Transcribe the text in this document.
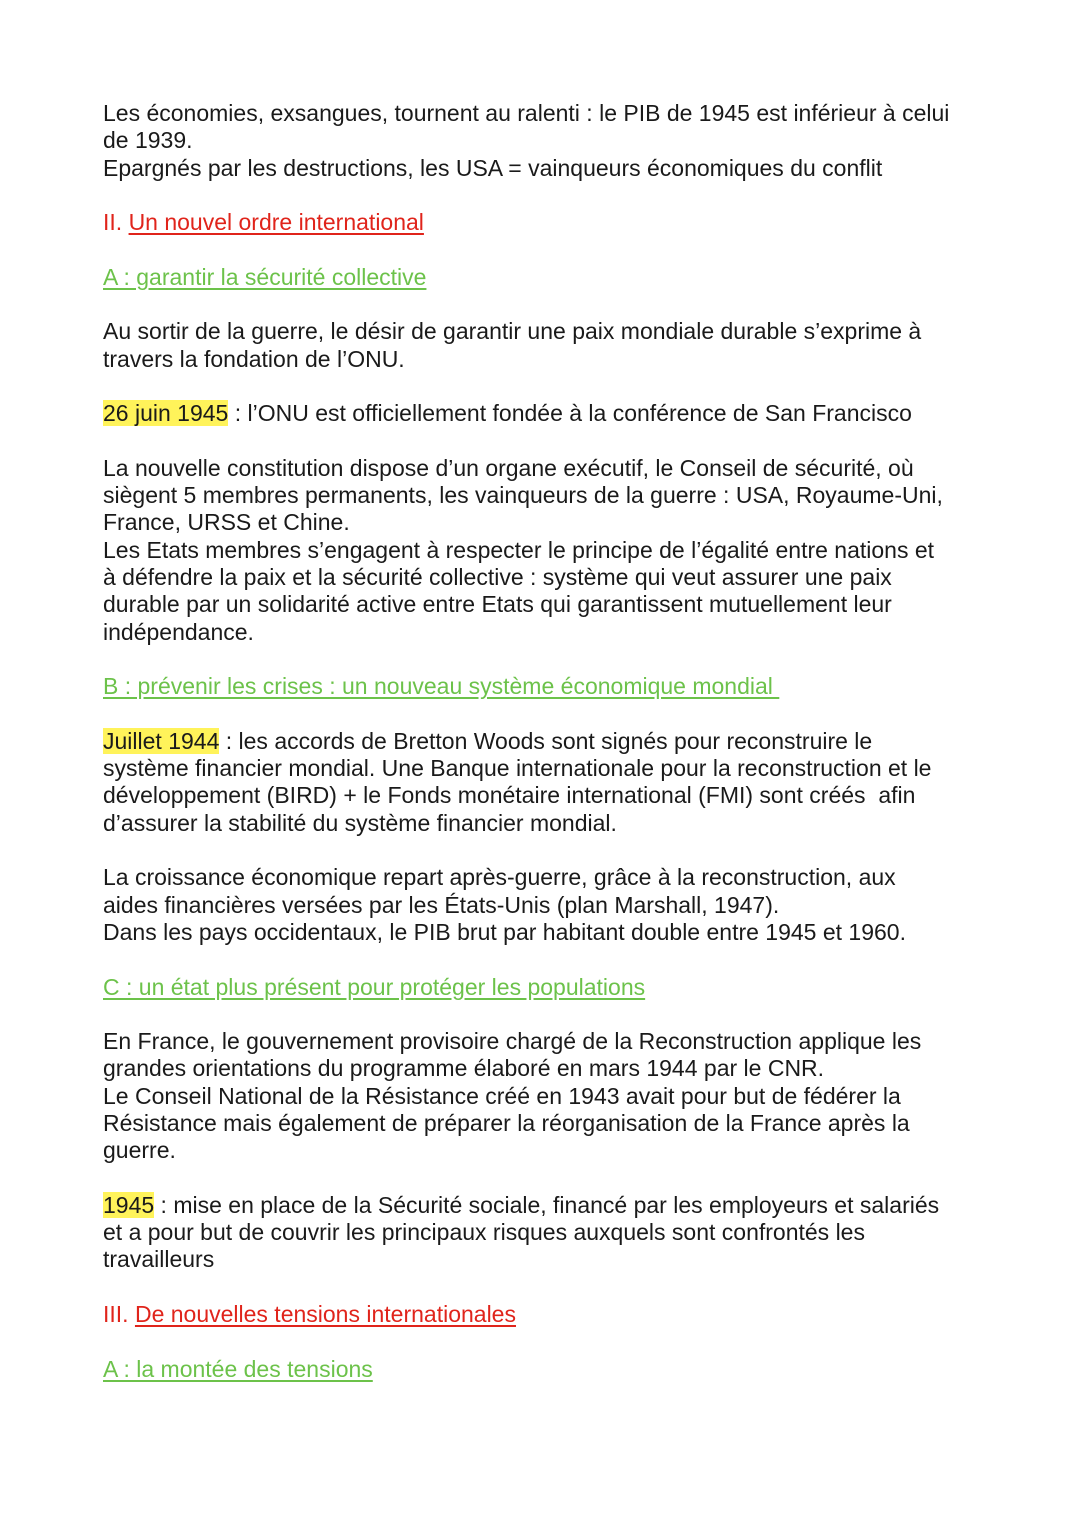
Les économies, exsangues, tournent au ralenti : le PIB de 1945 est inférieur à celui
de 1939.
Epargnés par les destructions, les USA = vainqueurs économiques du conflit
II. Un nouvel ordre international
A : garantir la sécurité collective
Au sortir de la guerre, le désir de garantir une paix mondiale durable s’exprime à
travers la fondation de l’ONU.
26 juin 1945 : l’ONU est officiellement fondée à la conférence de San Francisco
La nouvelle constitution dispose d’un organe exécutif, le Conseil de sécurité, où
siègent 5 membres permanents, les vainqueurs de la guerre : USA, Royaume-Uni,
France, URSS et Chine.
Les Etats membres s’engagent à respecter le principe de l’égalité entre nations et
à défendre la paix et la sécurité collective : système qui veut assurer une paix
durable par un solidarité active entre Etats qui garantissent mutuellement leur
indépendance.
B : prévenir les crises : un nouveau système économique mondial
Juillet 1944 : les accords de Bretton Woods sont signés pour reconstruire le
système financier mondial. Une Banque internationale pour la reconstruction et le
développement (BIRD) + le Fonds monétaire international (FMI) sont créés  afin
d’assurer la stabilité du système financier mondial.
La croissance économique repart après-guerre, grâce à la reconstruction, aux
aides financières versées par les États-Unis (plan Marshall, 1947).
Dans les pays occidentaux, le PIB brut par habitant double entre 1945 et 1960.
C : un état plus présent pour protéger les populations
En France, le gouvernement provisoire chargé de la Reconstruction applique les
grandes orientations du programme élaboré en mars 1944 par le CNR.
Le Conseil National de la Résistance créé en 1943 avait pour but de fédérer la
Résistance mais également de préparer la réorganisation de la France après la
guerre.
1945 : mise en place de la Sécurité sociale, financé par les employeurs et salariés
et a pour but de couvrir les principaux risques auxquels sont confrontés les
travailleurs
III. De nouvelles tensions internationales
A : la montée des tensions
